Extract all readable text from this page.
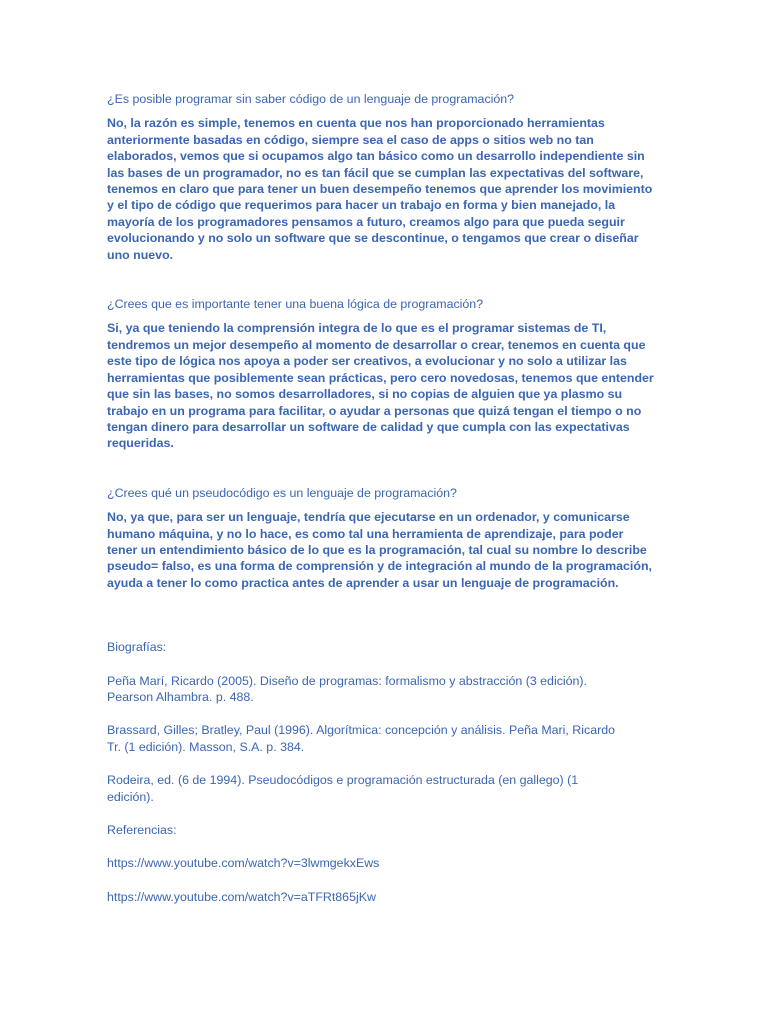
¿Es posible programar sin saber código de un lenguaje de programación?

No, la razón es simple, tenemos en cuenta que nos han proporcionado herramientas
anteriormente basadas en código, siempre sea el caso de apps o sitios web no tan
elaborados, vemos que si ocupamos algo tan básico como un desarrollo independiente sin
las bases de un programador, no es tan fácil que se cumplan las expectativas del software,
tenemos en claro que para tener un buen desempeño tenemos que aprender los movimiento
y el tipo de código que requerimos para hacer un trabajo en forma y bien manejado, la
mayoría de los programadores pensamos a futuro, creamos algo para que pueda seguir
evolucionando y no solo un software que se descontinue, o tengamos que crear o diseñar
uno nuevo.

¿Crees que es importante tener una buena lógica de programación?

Si, ya que teniendo la comprensión integra de lo que es el programar sistemas de TI,
tendremos un mejor desempeño al momento de desarrollar o crear, tenemos en cuenta que
este tipo de lógica nos apoya a poder ser creativos, a evolucionar y no solo a utilizar las
herramientas que posiblemente sean prácticas, pero cero novedosas, tenemos que entender
que sin las bases, no somos desarrolladores, si no copias de alguien que ya plasmo su
trabajo en un programa para facilitar, o ayudar a personas que quizá tengan el tiempo o no
tengan dinero para desarrollar un software de calidad y que cumpla con las expectativas
requeridas.

¿Crees qué un pseudocódigo es un lenguaje de programación?

No, ya que, para ser un lenguaje, tendría que ejecutarse en un ordenador, y comunicarse
humano máquina, y no lo hace, es como tal una herramienta de aprendizaje, para poder
tener un entendimiento básico de lo que es la programación, tal cual su nombre lo describe
pseudo= falso, es una forma de comprensión y de integración al mundo de la programación,
ayuda a tener lo como practica antes de aprender a usar un lenguaje de programación.

Biografías:

Peña Marí, Ricardo (2005). Diseño de programas: formalismo y abstracción (3 edición).
Pearson Alhambra. p. 488.

Brassard, Gilles; Bratley, Paul (1996). Algorítmica: concepción y análisis. Peña Mari, Ricardo
Tr. (1 edición). Masson, S.A. p. 384.

Rodeira, ed. (6 de 1994). Pseudocódigos e programación estructurada (en gallego) (1
edición).

Referencias:

https://www.youtube.com/watch?v=3lwmgekxEws
https://www.youtube.com/watch?v=aTFRt865jKw
